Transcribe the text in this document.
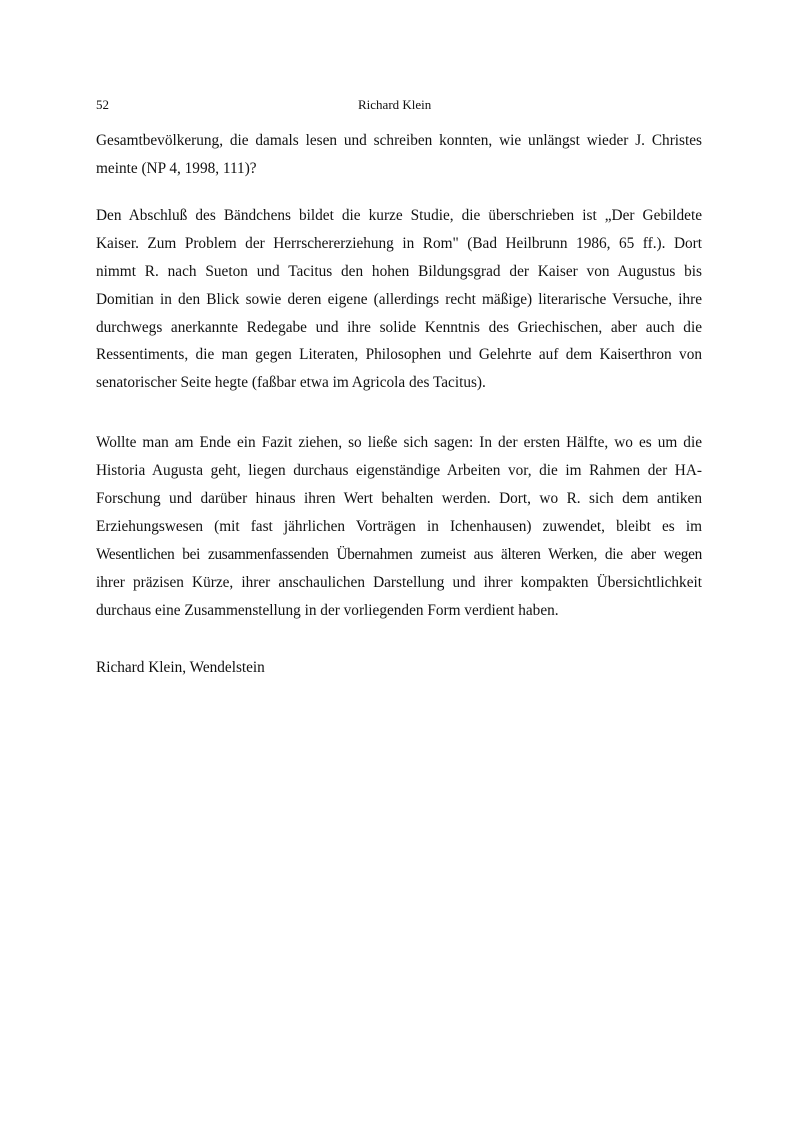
52	Richard Klein
Gesamtbevölkerung, die damals lesen und schreiben konnten, wie unlängst wieder J. Christes
meinte (NP 4, 1998, 111)?
Den Abschluß des Bändchens bildet die kurze Studie, die überschrieben ist „Der Gebildete
Kaiser. Zum Problem der Herrschererziehung in Rom" (Bad Heilbrunn 1986, 65 ff.). Dort
nimmt R. nach Sueton und Tacitus den hohen Bildungsgrad der Kaiser von Augustus bis
Domitian in den Blick sowie deren eigene (allerdings recht mäßige) literarische Versuche, ihre
durchwegs anerkannte Redegabe und ihre solide Kenntnis des Griechischen, aber auch die
Ressentiments, die man gegen Literaten, Philosophen und Gelehrte auf dem Kaiserthron von
senatorischer Seite hegte (faßbar etwa im Agricola des Tacitus).
Wollte man am Ende ein Fazit ziehen, so ließe sich sagen: In der ersten Hälfte, wo es um die
Historia Augusta geht, liegen durchaus eigenständige Arbeiten vor, die im Rahmen der HA-
Forschung und darüber hinaus ihren Wert behalten werden. Dort, wo R. sich dem antiken
Erziehungswesen (mit fast jährlichen Vorträgen in Ichenhausen) zuwendet, bleibt es im
Wesentlichen bei zusammenfassenden Übernahmen zumeist aus älteren Werken, die aber wegen
ihrer präzisen Kürze, ihrer anschaulichen Darstellung und ihrer kompakten Übersichtlichkeit
durchaus eine Zusammenstellung in der vorliegenden Form verdient haben.
Richard Klein, Wendelstein
